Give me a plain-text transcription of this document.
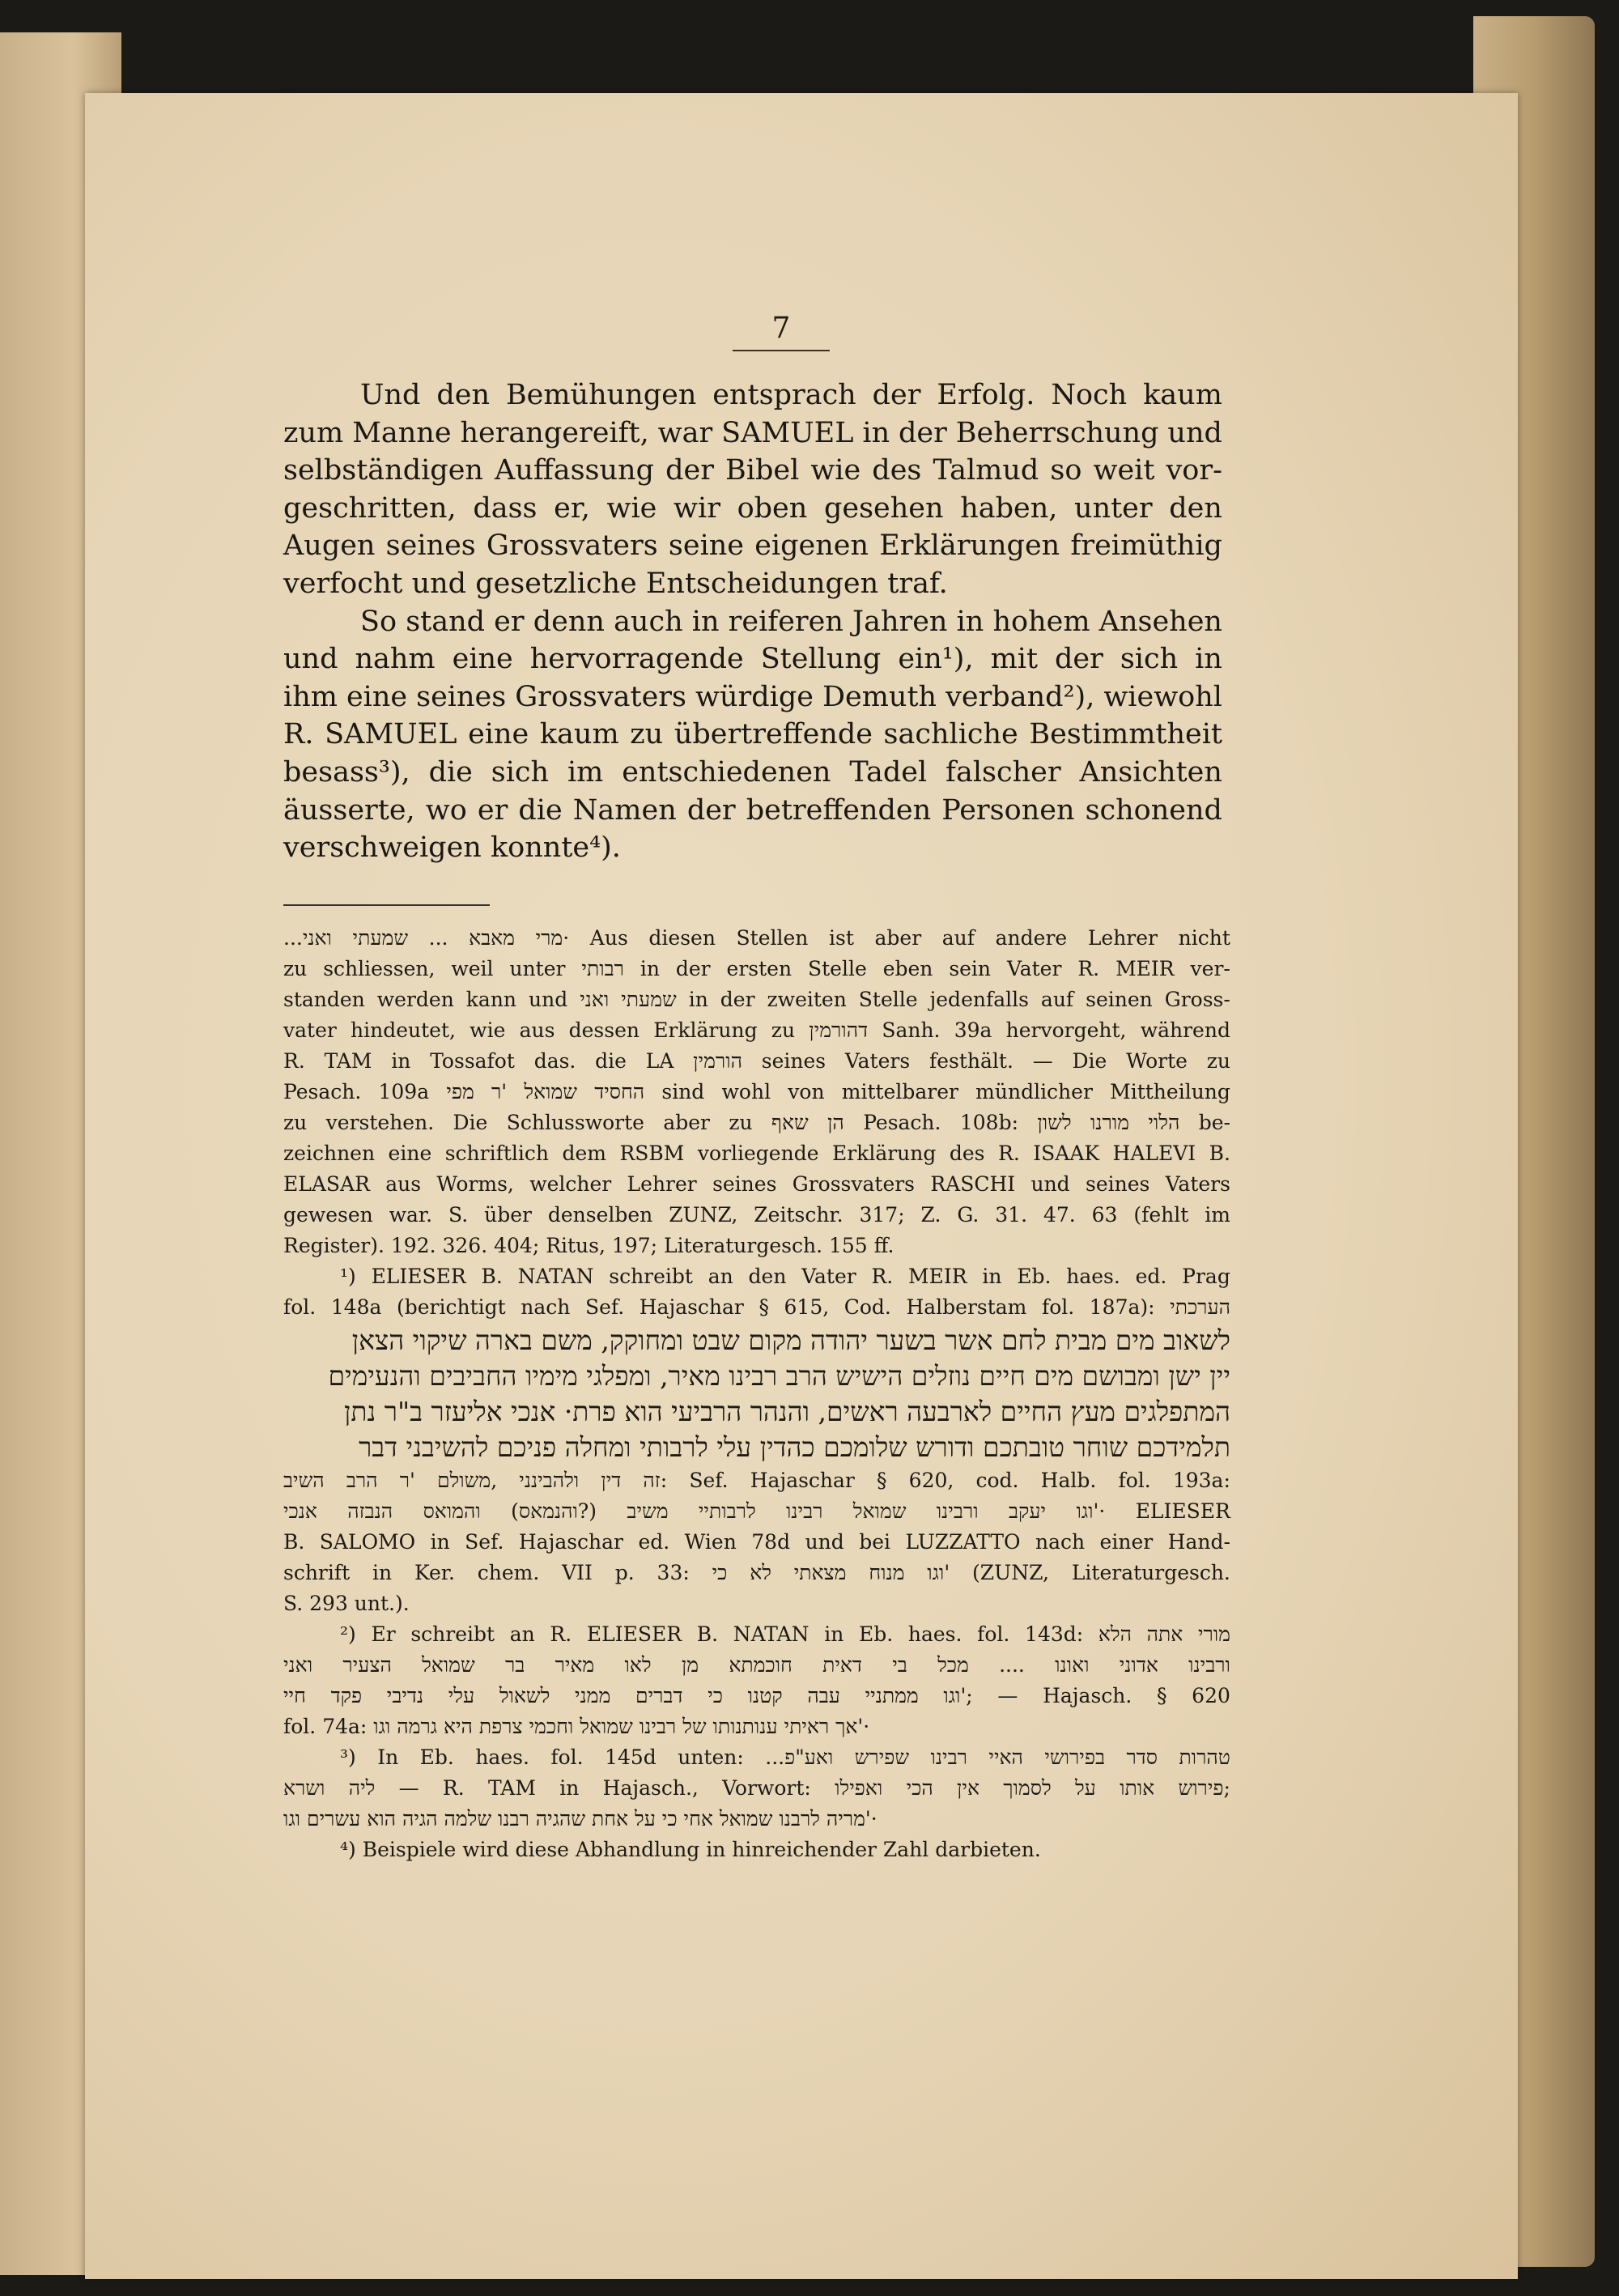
7
Und den Bemühungen entsprach der Erfolg. Noch kaum
zum Manne herangereift, war SAMUEL in der Beherrschung und
selbständigen Auffassung der Bibel wie des Talmud so weit vor-
geschritten, dass er, wie wir oben gesehen haben, unter den
Augen seines Grossvaters seine eigenen Erklärungen freimüthig
verfocht und gesetzliche Entscheidungen traf.
So stand er denn auch in reiferen Jahren in hohem Ansehen
und nahm eine hervorragende Stellung ein¹), mit der sich in
ihm eine seines Grossvaters würdige Demuth verband²), wiewohl
R. SAMUEL eine kaum zu übertreffende sachliche Bestimmtheit
besass³), die sich im entschiedenen Tadel falscher Ansichten
äusserte, wo er die Namen der betreffenden Personen schonend
verschweigen konnte⁴).
...ואני שמעתי ... מאבא מרי· Aus diesen Stellen ist aber auf andere Lehrer nicht
zu schliessen, weil unter רבותי in der ersten Stelle eben sein Vater R. MEIR ver-
standen werden kann und ואני שמעתי in der zweiten Stelle jedenfalls auf seinen Gross-
vater hindeutet, wie aus dessen Erklärung zu דהורמין Sanh. 39a hervorgeht, während
R. TAM in Tossafot das. die LA הורמין seines Vaters festhält. — Die Worte zu
Pesach. 109a מפי ר' שמואל החסיד sind wohl von mittelbarer mündlicher Mittheilung
zu verstehen. Die Schlussworte aber zu שאף הן Pesach. 108b: לשון מורנו הלוי be-
zeichnen eine schriftlich dem RSBM vorliegende Erklärung des R. ISAAK HALEVI B.
ELASAR aus Worms, welcher Lehrer seines Grossvaters RASCHI und seines Vaters
gewesen war. S. über denselben ZUNZ, Zeitschr. 317; Z. G. 31. 47. 63 (fehlt im
Register). 192. 326. 404; Ritus, 197; Literaturgesch. 155 ff.
¹) ELIESER B. NATAN schreibt an den Vater R. MEIR in Eb. haes. ed. Prag
fol. 148a (berichtigt nach Sef. Hajaschar § 615, Cod. Halberstam fol. 187a): הערכתי
לשאוב מים מבית לחם אשר בשער יהודה מקום שבט ומחוקק, משם בארה שיקוי הצאן
יין ישן ומבושם מים חיים נוזלים הישיש הרב רבינו מאיר, ומפלגי מימיו החביבים והנעימים
המתפלגים מעץ החיים לארבעה ראשים, והנהר הרביעי הוא פרת· אנכי אליעזר ב"ר נתן
תלמידכם שוחר טובתכם ודורש שלומכם כהדין עלי לרבותי ומחלה פניכם להשיבני דבר
השיב הרב ר' משולם, ולהבינני דין זה: Sef. Hajaschar § 620, cod. Halb. fol. 193a:
אנכי הנבזה והמואס (והנמאס?) משיב לרבותיי רבינו שמואל ורבינו יעקב וגו'· ELIESER
B. SALOMO in Sef. Hajaschar ed. Wien 78d und bei LUZZATTO nach einer Hand-
schrift in Ker. chem. VII p. 33: כי לא מצאתי מנוח וגו' (ZUNZ, Literaturgesch.
S. 293 unt.).
²) Er schreibt an R. ELIESER B. NATAN in Eb. haes. fol. 143d: הלא אתה מורי
ואני הצעיר שמואל בר מאיר לאו מן חוכמתא דאית בי מכל .... ואונו אדוני ורבינו
חיי פקד נדיבי עלי לשאול ממני דברים כי קטנו עבה ממתניי וגו'; — Hajasch. § 620
fol. 74a: אך ראיתי ענותנותו של רבינו שמואל וחכמי צרפת היא גרמה וגו'·
³) In Eb. haes. fol. 145d unten: ...ואע"פ שפירש רבינו האיי בפירושי סדר טהרות
ושרא ליה — R. TAM in Hajasch., Vorwort: ואפילו הכי אין לסמוך על אותו פירוש;
מריה לרבנו שמואל אחי כי על אחת שהגיה רבנו שלמה הגיה הוא עשרים וגו'·
⁴) Beispiele wird diese Abhandlung in hinreichender Zahl darbieten.
